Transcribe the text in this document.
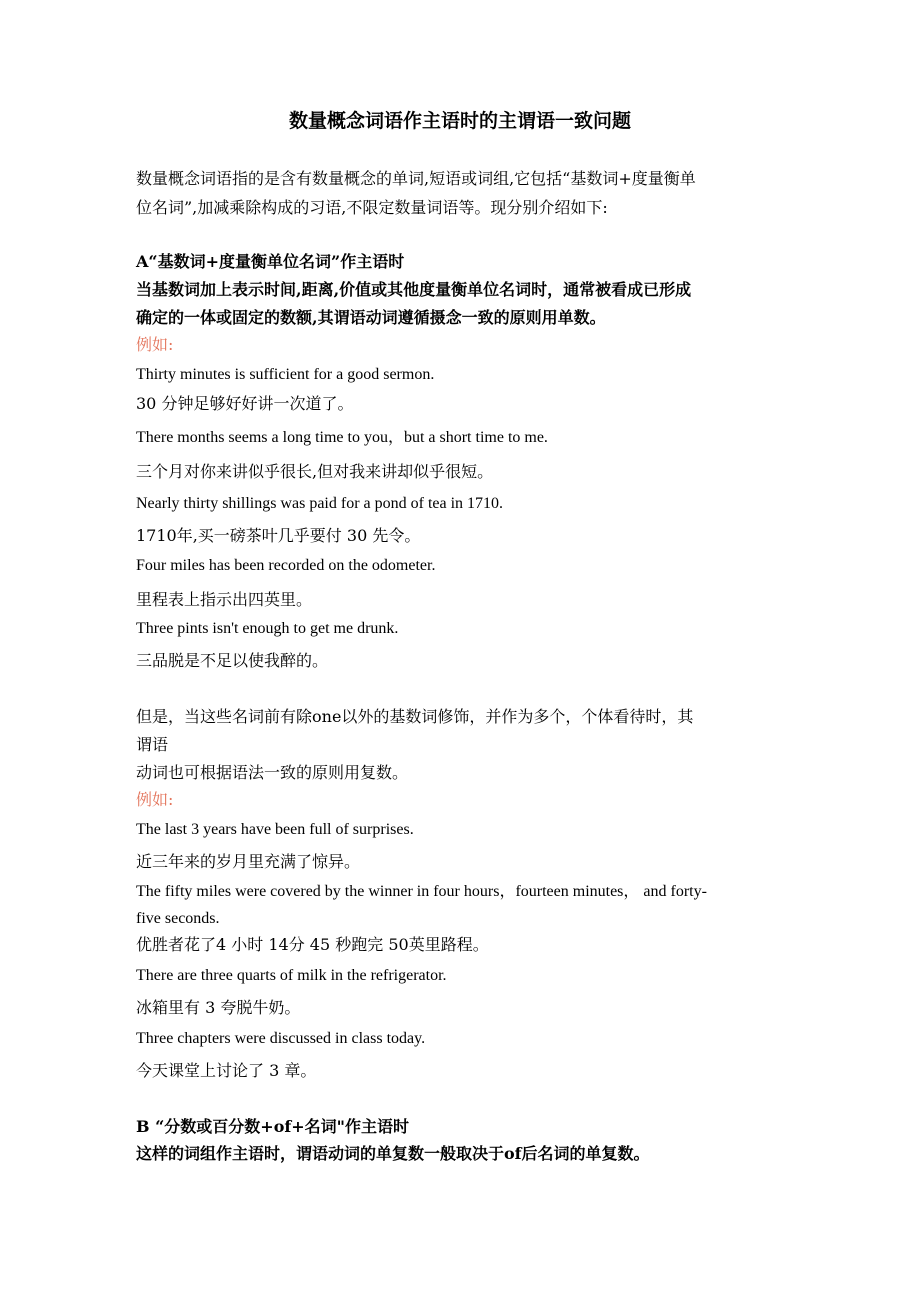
数量概念词语作主语时的主谓语一致问题
数量概念词语指的是含有数量概念的单词,短语或词组,它包括“基数词+度量衡单
位名词”,加减乘除构成的习语,不限定数量词语等。现分别介绍如下:
A“基数词+度量衡单位名词”作主语时
当基数词加上表示时间,距离,价值或其他度量衡单位名词时，通常被看成已形成
确定的一体或固定的数额,其谓语动词遵循摄念一致的原则用单数。
例如:
Thirty minutes is sufficient for a good sermon.
30 分钟足够好好讲一次道了。
There months seems a long time to you，but a short time to me.
三个月对你来讲似乎很长,但对我来讲却似乎很短。
Nearly thirty shillings was paid for a pond of tea in 1710.
1710年,买一磅茶叶几乎要付 30 先令。
Four miles has been recorded on the odometer.
里程表上指示出四英里。
Three pints isn't enough to get me drunk.
三品脱是不足以使我醉的。
但是，当这些名词前有除one以外的基数词修饰，并作为多个，个体看待时，其
谓语
动词也可根据语法一致的原则用复数。
例如:
The last 3 years have been full of surprises.
近三年来的岁月里充满了惊异。
The fifty miles were covered by the winner in four hours，fourteen minutes， and forty-
five seconds.
优胜者花了4 小时 14分 45 秒跑完 50英里路程。
There are three quarts of milk in the refrigerator.
冰箱里有 3 夸脱牛奶。
Three chapters were discussed in class today.
今天课堂上讨论了 3 章。
B “分数或百分数+of+名词"作主语时
这样的词组作主语时，谓语动词的单复数一般取决于of后名词的单复数。
